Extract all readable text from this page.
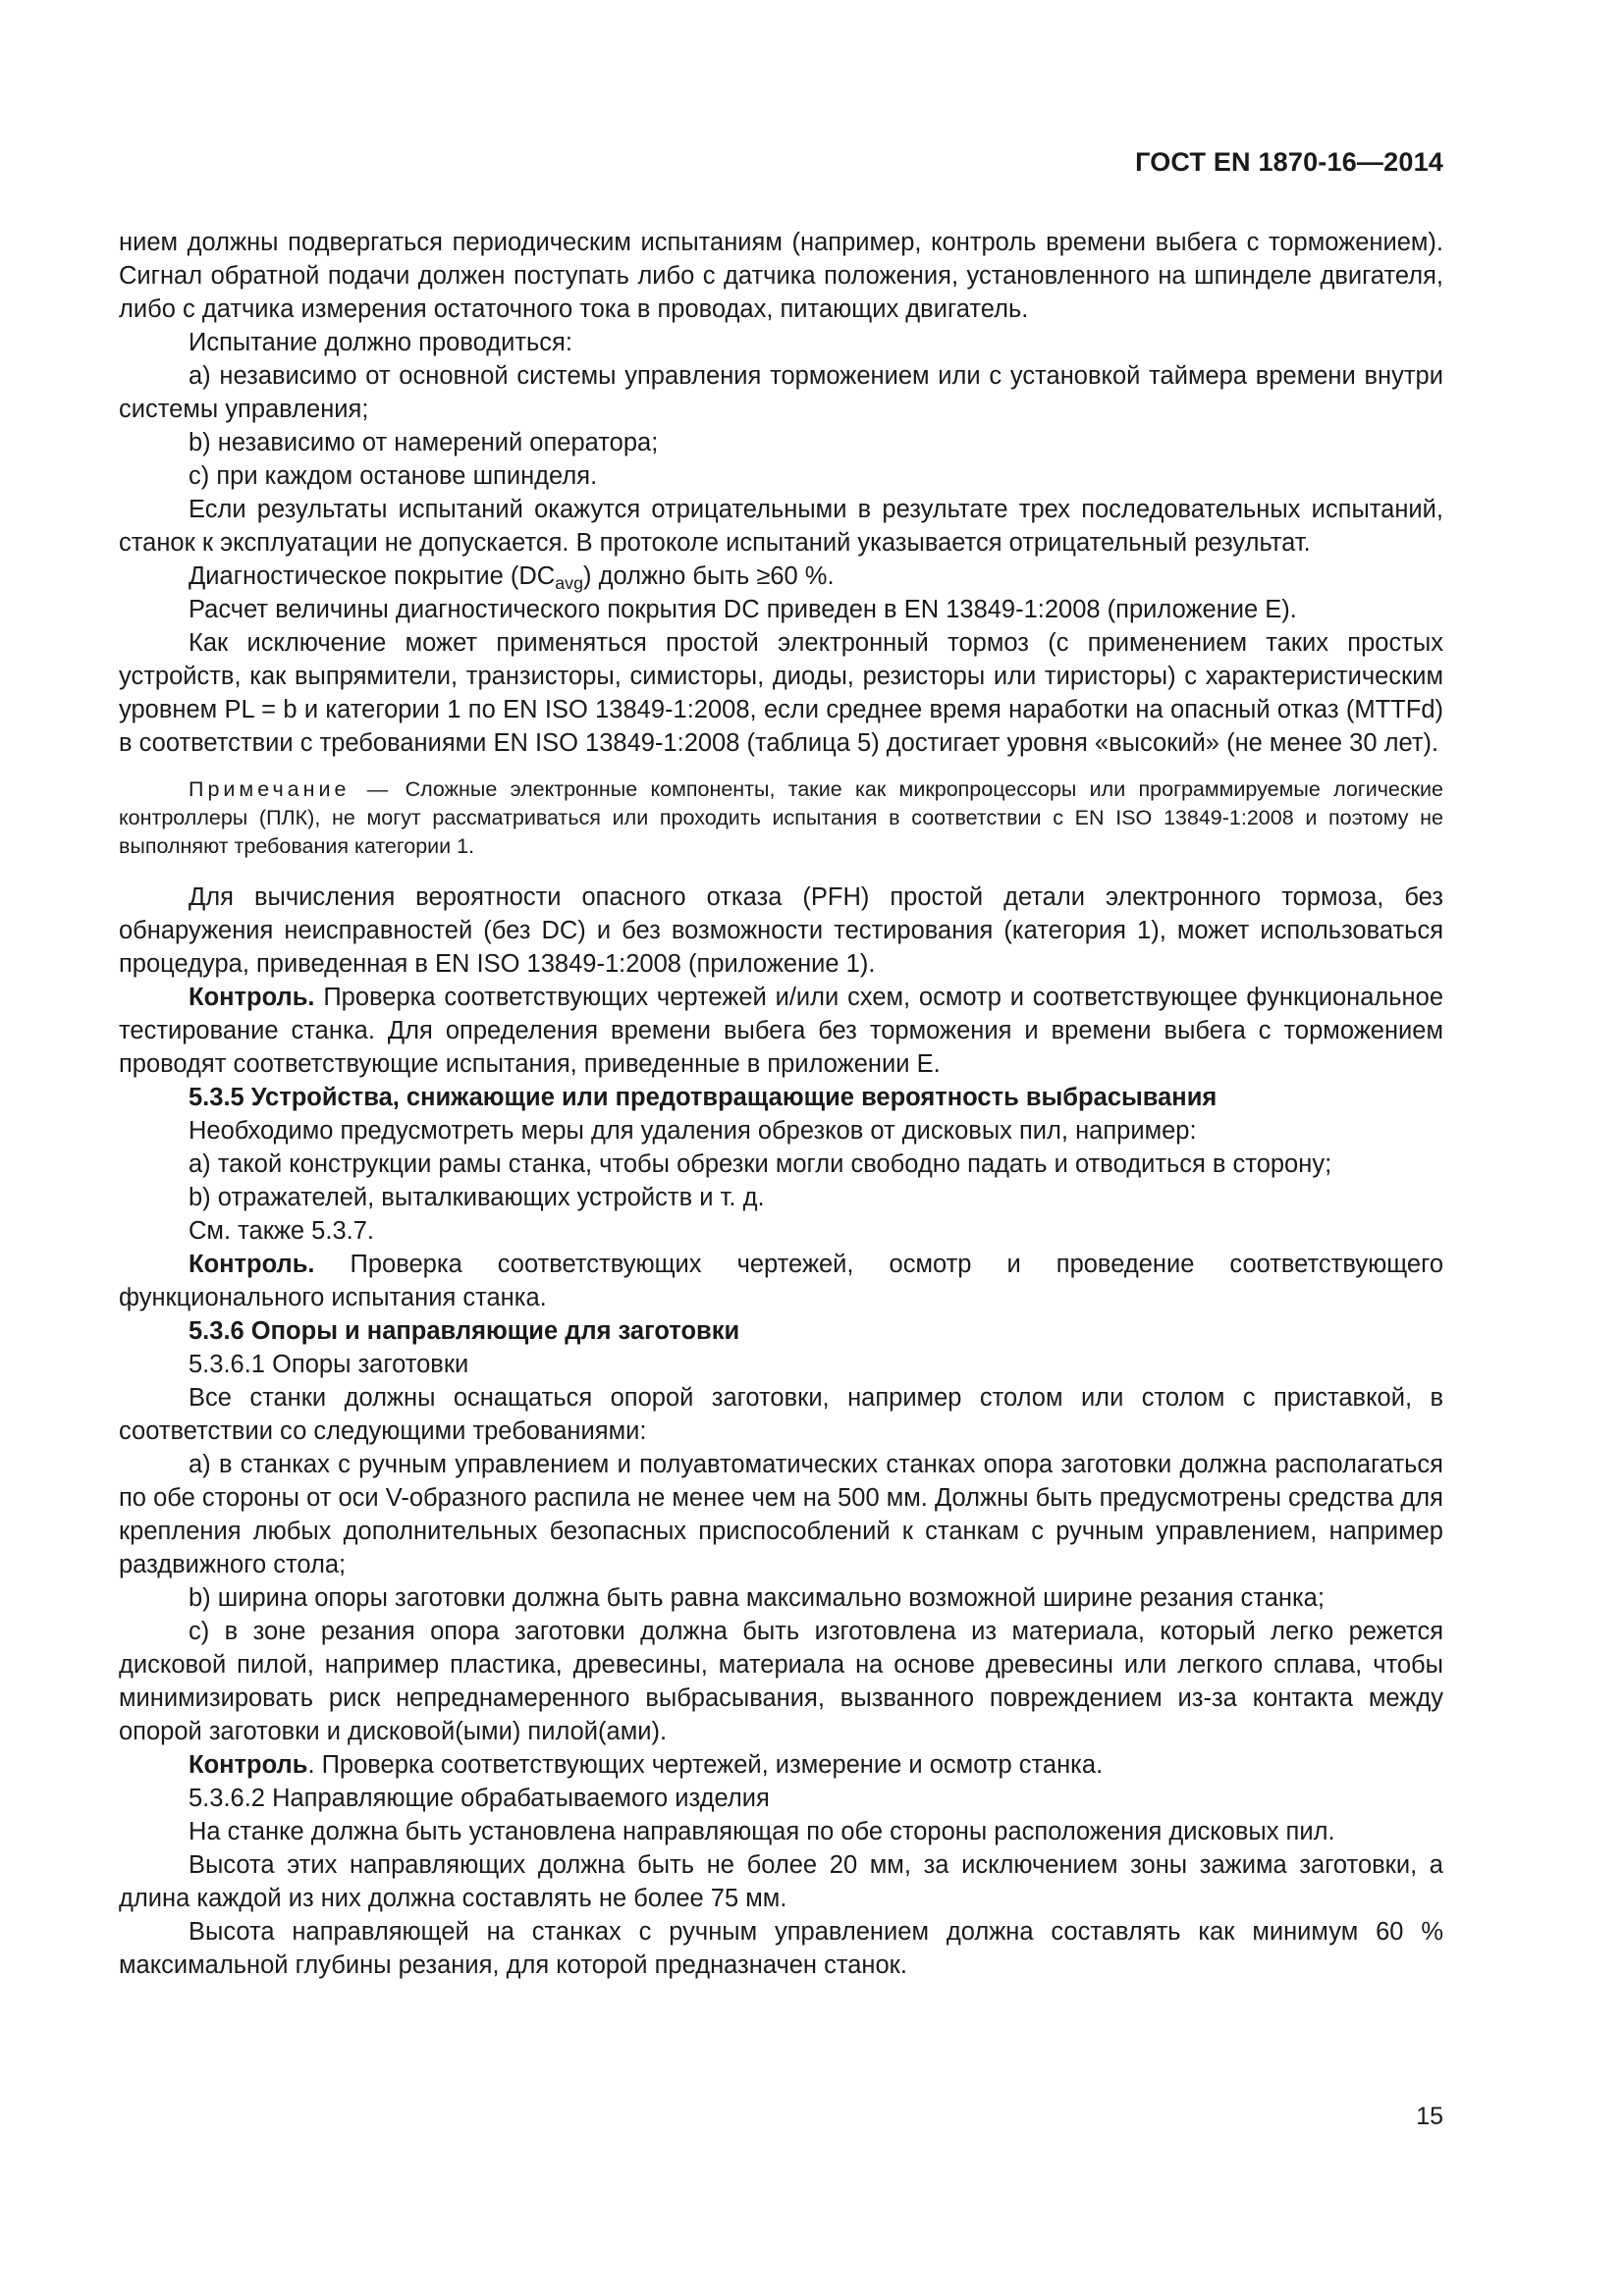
ГОСТ EN 1870-16—2014

нием должны подвергаться периодическим испытаниям (например, контроль времени выбега с торможением). Сигнал обратной подачи должен поступать либо с датчика положения, установленного на шпинделе двигателя, либо с датчика измерения остаточного тока в проводах, питающих двигатель.

Испытание должно проводиться:

a) независимо от основной системы управления торможением или с установкой таймера времени внутри системы управления;

b) независимо от намерений оператора;

c) при каждом останове шпинделя.

Если результаты испытаний окажутся отрицательными в результате трех последовательных испытаний, станок к эксплуатации не допускается. В протоколе испытаний указывается отрицательный результат.

Диагностическое покрытие $(DC_{avg})$ должно быть ≥60 %.

Расчет величины диагностического покрытия DC приведен в EN 13849-1:2008 (приложение E).

Как исключение может применяться простой электронный тормоз (с применением таких простых устройств, как выпрямители, транзисторы, симисторы, диоды, резисторы или тиристоры) с характеристическим уровнем PL = b и категории 1 по EN ISO 13849-1:2008, если среднее время наработки на опасный отказ (MTTFd) в соответствии с требованиями EN ISO 13849-1:2008 (таблица 5) достигает уровня «высокий» (не менее 30 лет).

Примечание — Сложные электронные компоненты, такие как микропроцессоры или программируемые логические контроллеры (ПЛК), не могут рассматриваться или проходить испытания в соответствии с EN ISO 13849-1:2008 и поэтому не выполняют требования категории 1.

Для вычисления вероятности опасного отказа (PFH) простой детали электронного тормоза, без обнаружения неисправностей (без DC) и без возможности тестирования (категория 1), может использоваться процедура, приведенная в EN ISO 13849-1:2008 (приложение 1).

Контроль. Проверка соответствующих чертежей и/или схем, осмотр и соответствующее функциональное тестирование станка. Для определения времени выбега без торможения и времени выбега с торможением проводят соответствующие испытания, приведенные в приложении E.

5.3.5 Устройства, снижающие или предотвращающие вероятность выбрасывания

Необходимо предусмотреть меры для удаления обрезков от дисковых пил, например:

a) такой конструкции рамы станка, чтобы обрезки могли свободно падать и отводиться в сторону;

b) отражателей, выталкивающих устройств и т. д.

См. также 5.3.7.

Контроль. Проверка соответствующих чертежей, осмотр и проведение соответствующего функционального испытания станка.

5.3.6 Опоры и направляющие для заготовки

5.3.6.1 Опоры заготовки

Все станки должны оснащаться опорой заготовки, например столом или столом с приставкой, в соответствии со следующими требованиями:

a) в станках с ручным управлением и полуавтоматических станках опора заготовки должна располагаться по обе стороны от оси V-образного распила не менее чем на 500 мм. Должны быть предусмотрены средства для крепления любых дополнительных безопасных приспособлений к станкам с ручным управлением, например раздвижного стола;

b) ширина опоры заготовки должна быть равна максимально возможной ширине резания станка;

c) в зоне резания опора заготовки должна быть изготовлена из материала, который легко режется дисковой пилой, например пластика, древесины, материала на основе древесины или легкого сплава, чтобы минимизировать риск непреднамеренного выбрасывания, вызванного повреждением из-за контакта между опорой заготовки и дисковой(ыми) пилой(ами).

Контроль. Проверка соответствующих чертежей, измерение и осмотр станка.

5.3.6.2 Направляющие обрабатываемого изделия

На станке должна быть установлена направляющая по обе стороны расположения дисковых пил.

Высота этих направляющих должна быть не более 20 мм, за исключением зоны зажима заготовки, а длина каждой из них должна составлять не более 75 мм.

Высота направляющей на станках с ручным управлением должна составлять как минимум 60 % максимальной глубины резания, для которой предназначен станок.

15
